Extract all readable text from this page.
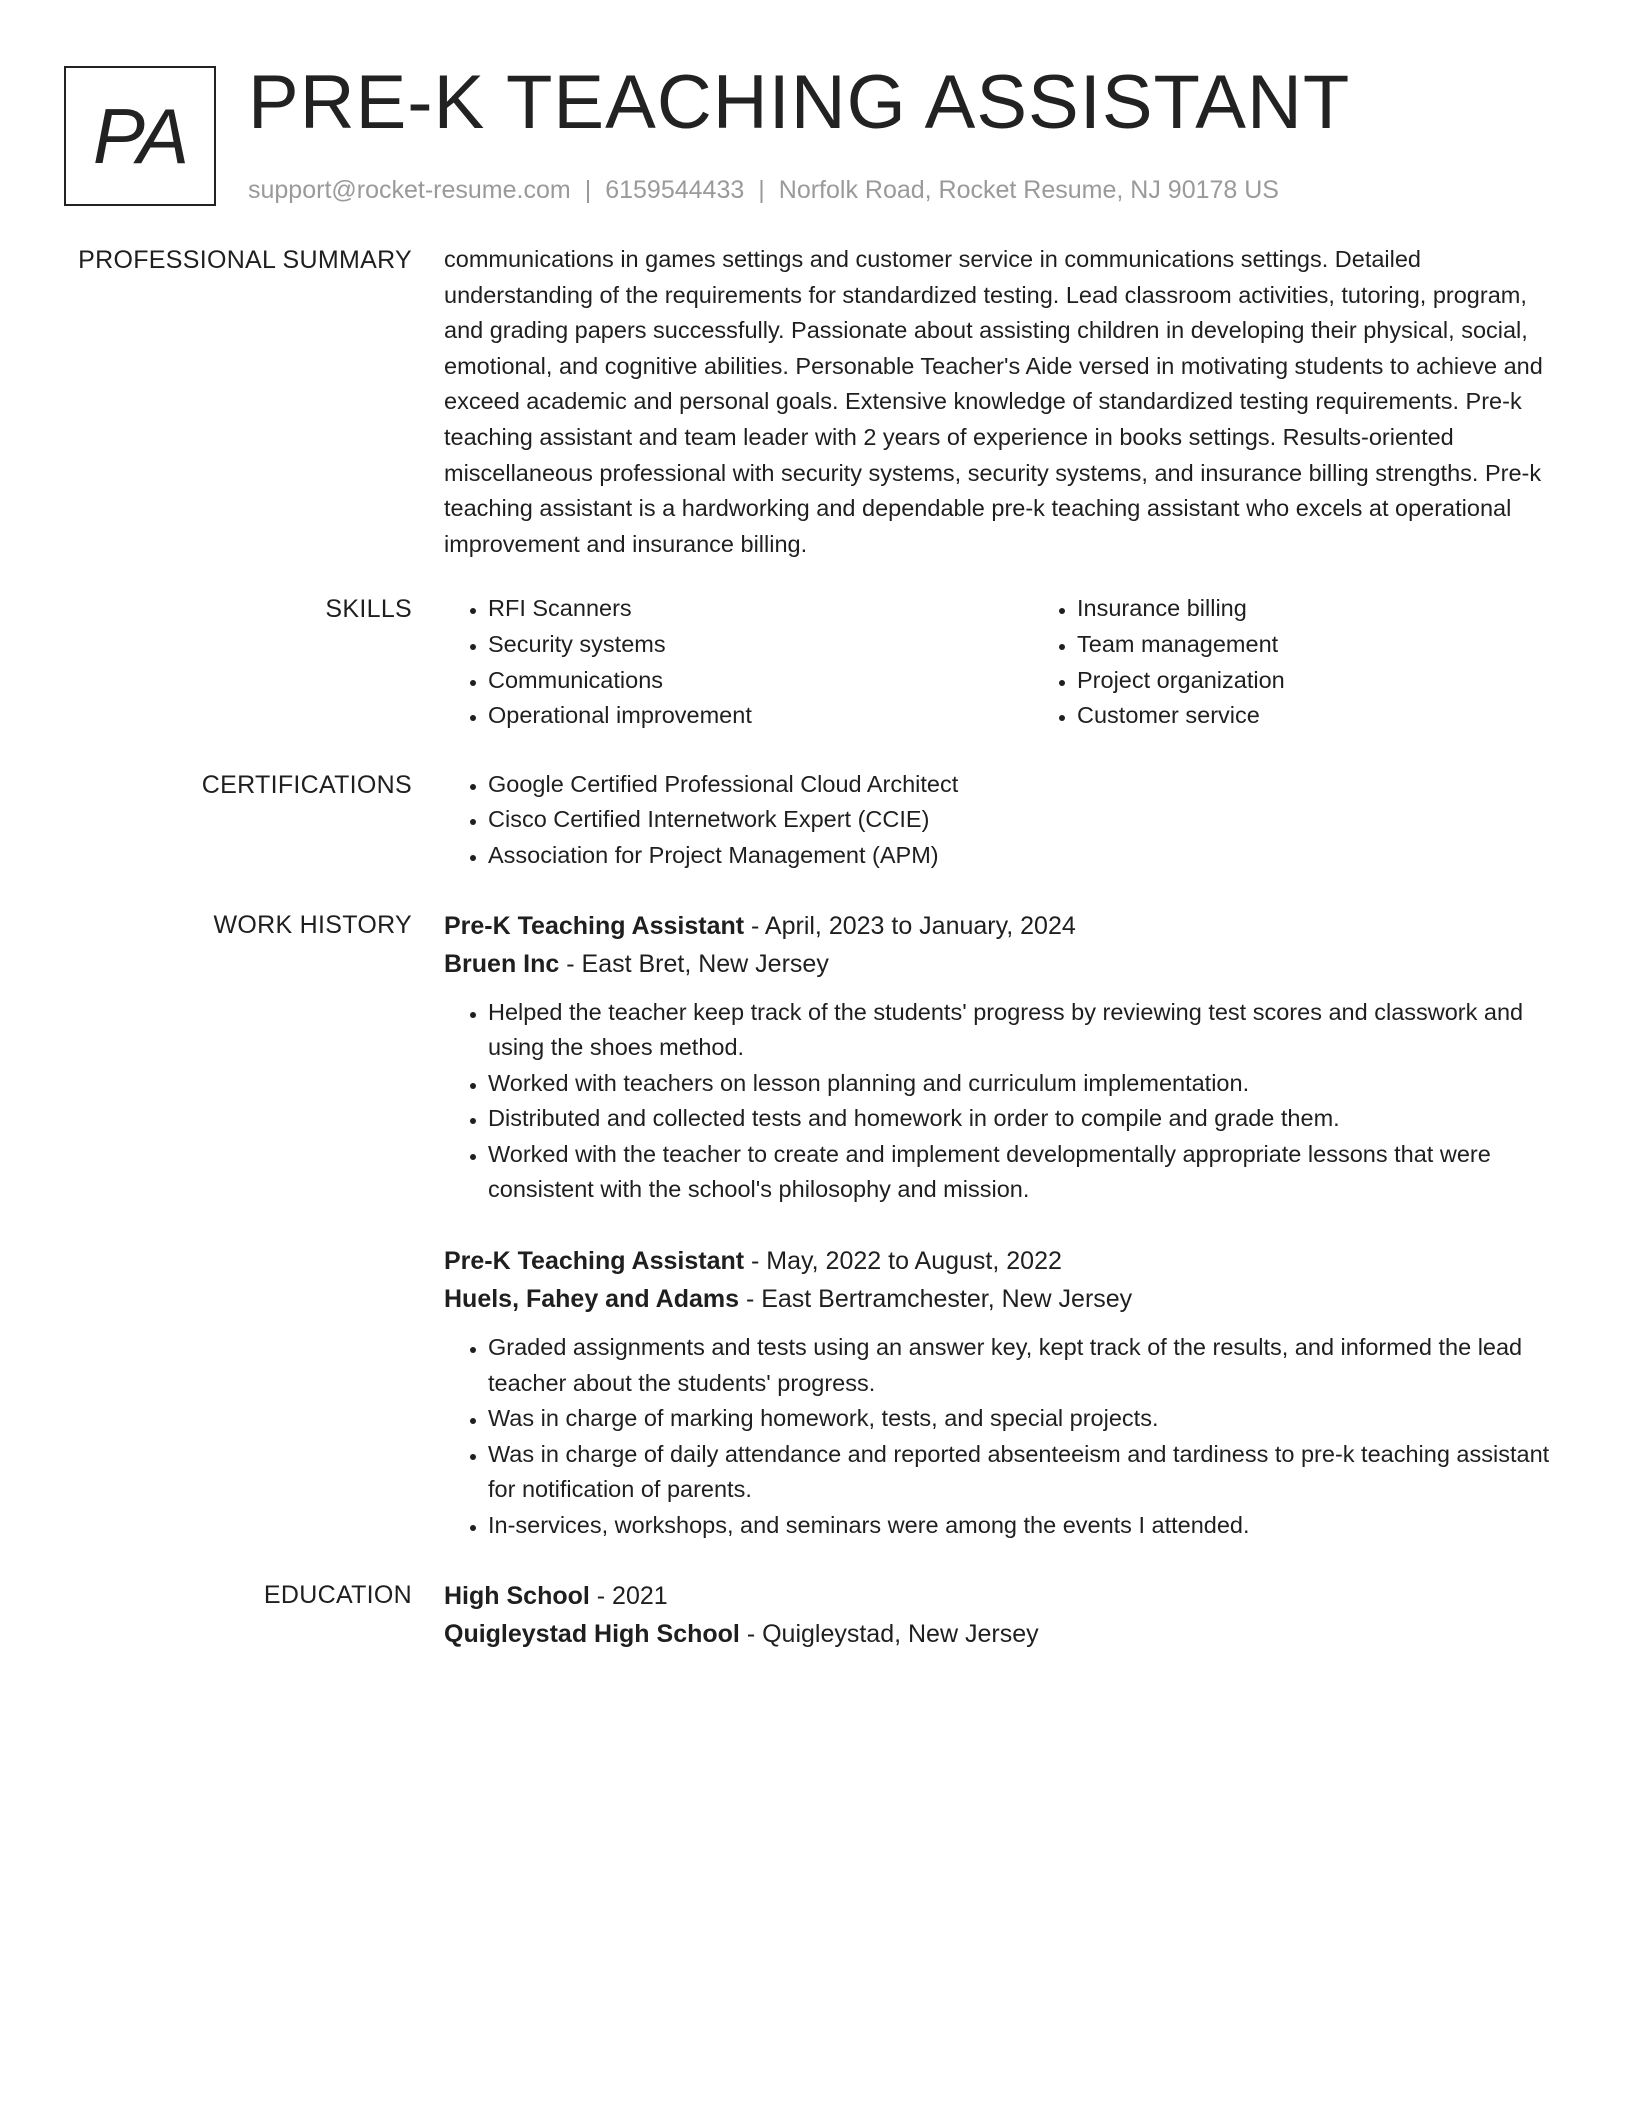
PA PRE-K TEACHING ASSISTANT
support@rocket-resume.com | 6159544433 | Norfolk Road, Rocket Resume, NJ 90178 US
PROFESSIONAL SUMMARY communications in games settings and customer service in communications settings. Detailed understanding of the requirements for standardized testing. Lead classroom activities, tutoring, program, and grading papers successfully. Passionate about assisting children in developing their physical, social, emotional, and cognitive abilities. Personable Teacher's Aide versed in motivating students to achieve and exceed academic and personal goals. Extensive knowledge of standardized testing requirements. Pre-k teaching assistant and team leader with 2 years of experience in books settings. Results-oriented miscellaneous professional with security systems, security systems, and insurance billing strengths. Pre-k teaching assistant is a hardworking and dependable pre-k teaching assistant who excels at operational improvement and insurance billing.
SKILLS	• RFI Scanners
• Security systems
• Communications
• Operational improvement
• Insurance billing
• Team management
• Project organization
• Customer service
CERTIFICATIONS	• Google Certified Professional Cloud Architect
• Cisco Certified Internetwork Expert (CCIE)
• Association for Project Management (APM)
WORK HISTORY Pre-K Teaching Assistant - April, 2023 to January, 2024
Bruen Inc - East Bret, New Jersey
• Helped the teacher keep track of the students' progress by reviewing test scores and classwork and using the shoes method.
• Worked with teachers on lesson planning and curriculum implementation.
• Distributed and collected tests and homework in order to compile and grade them.
• Worked with the teacher to create and implement developmentally appropriate lessons that were consistent with the school's philosophy and mission.
Pre-K Teaching Assistant - May, 2022 to August, 2022
Huels, Fahey and Adams - East Bertramchester, New Jersey
• Graded assignments and tests using an answer key, kept track of the results, and informed the lead teacher about the students' progress.
• Was in charge of marking homework, tests, and special projects.
• Was in charge of daily attendance and reported absenteeism and tardiness to pre-k teaching assistant for notification of parents.
• In-services, workshops, and seminars were among the events I attended.
EDUCATION High School - 2021
Quigleystad High School - Quigleystad, New Jersey
